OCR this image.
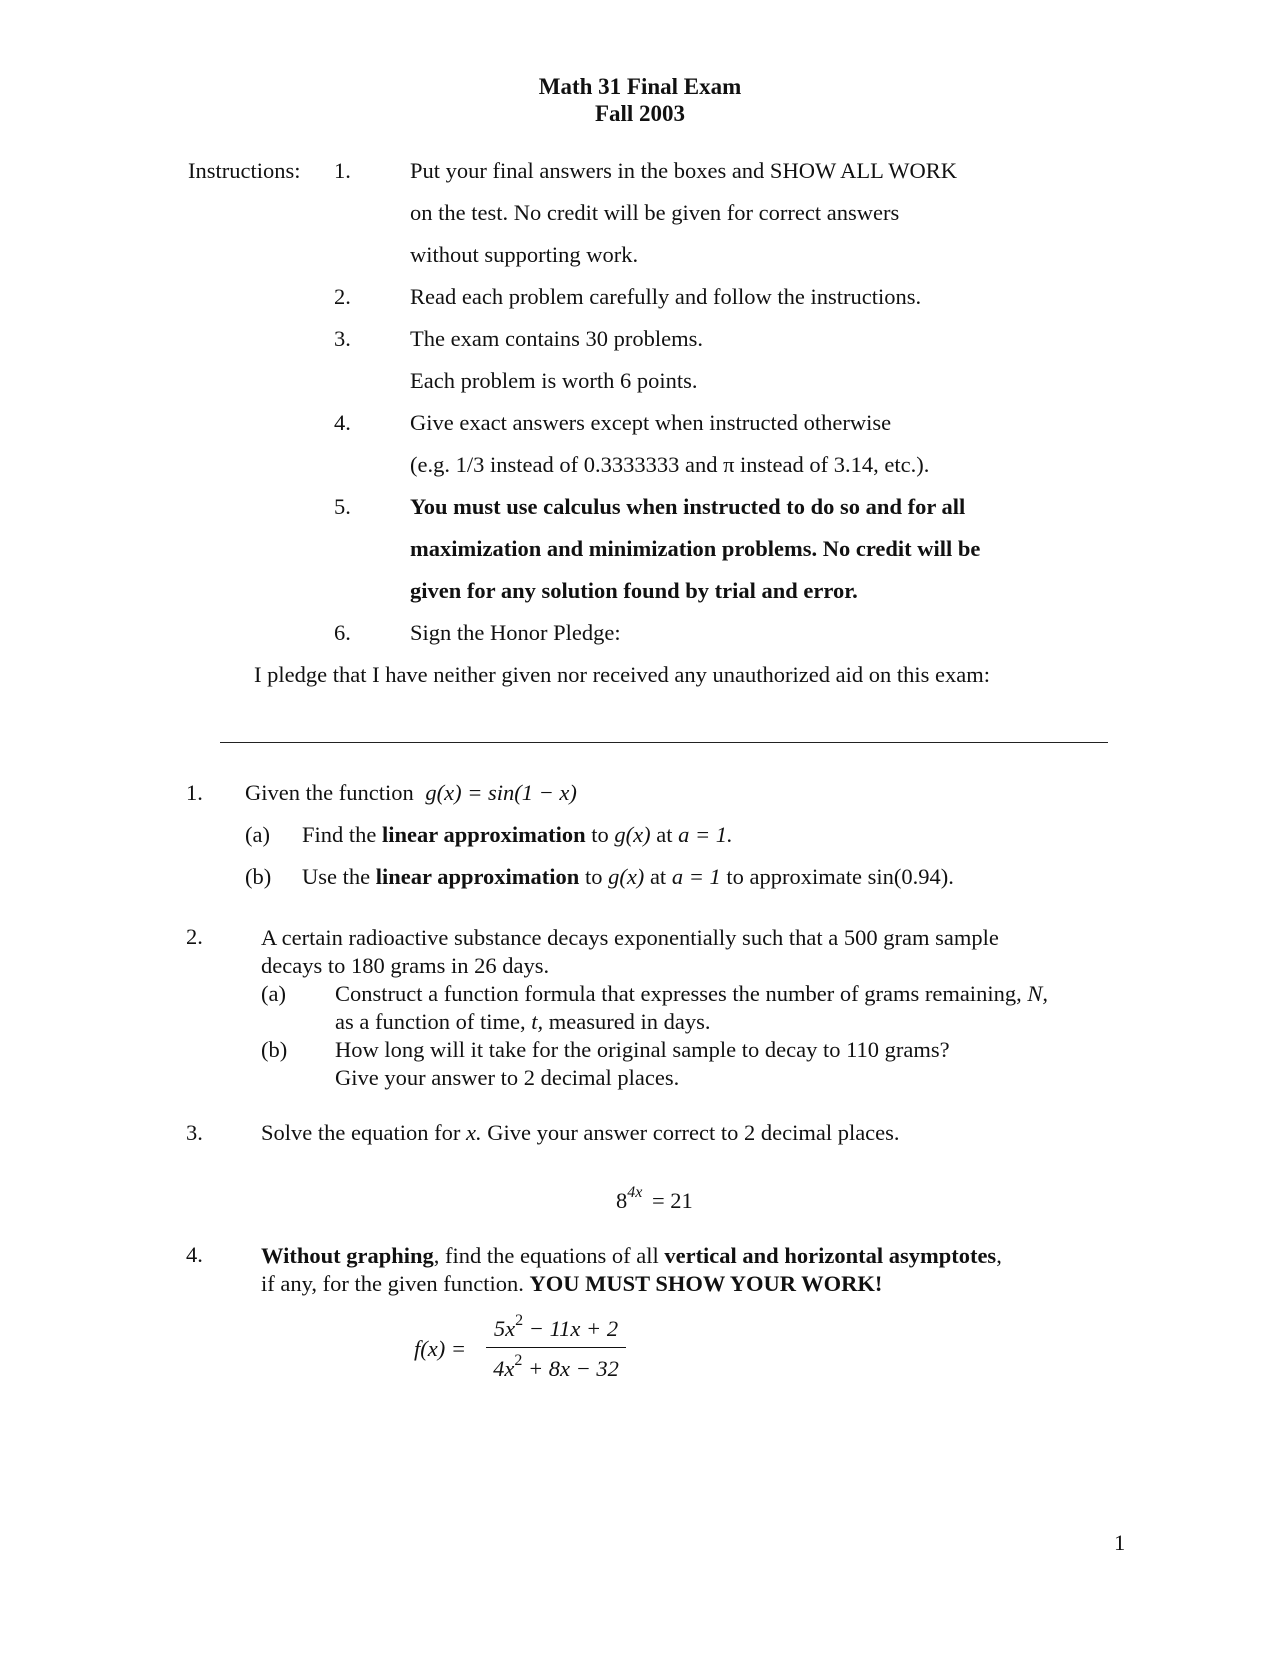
Math 31 Final Exam
Fall 2003
Instructions: 1.	Put your final answers in the boxes and SHOW ALL WORK
on the test. No credit will be given for correct answers
without supporting work.
2.	Read each problem carefully and follow the instructions.
3.	The exam contains 30 problems.
Each problem is worth 6 points.
4.	Give exact answers except when instructed otherwise
(e.g. 1/3 instead of 0.3333333 and π instead of 3.14, etc.).
5.	You must use calculus when instructed to do so and for all
maximization and minimization problems. No credit will be
given for any solution found by trial and error.
6.	Sign the Honor Pledge:
I pledge that I have neither given nor received any unauthorized aid on this exam:
1. Given the function g(x) = sin(1 − x)
(a) Find the linear approximation to g(x) at a = 1.
(b) Use the linear approximation to g(x) at a = 1 to approximate sin(0.94).
2.	A certain radioactive substance decays exponentially such that a 500 gram sample
decays to 180 grams in 26 days.
(a) Construct a function formula that expresses the number of grams remaining, N,
as a function of time, t, measured in days.
(b) How long will it take for the original sample to decay to 110 grams?
Give your answer to 2 decimal places.
3.	Solve the equation for x. Give your answer correct to 2 decimal places.
$8^{4x} = 21$
4.	Without graphing, find the equations of all vertical and horizontal asymptotes,
if any, for the given function. YOU MUST SHOW YOUR WORK!
f(x) =
$5x^2 - 11x + 2$
$4x^2 + 8x - 32$
1
